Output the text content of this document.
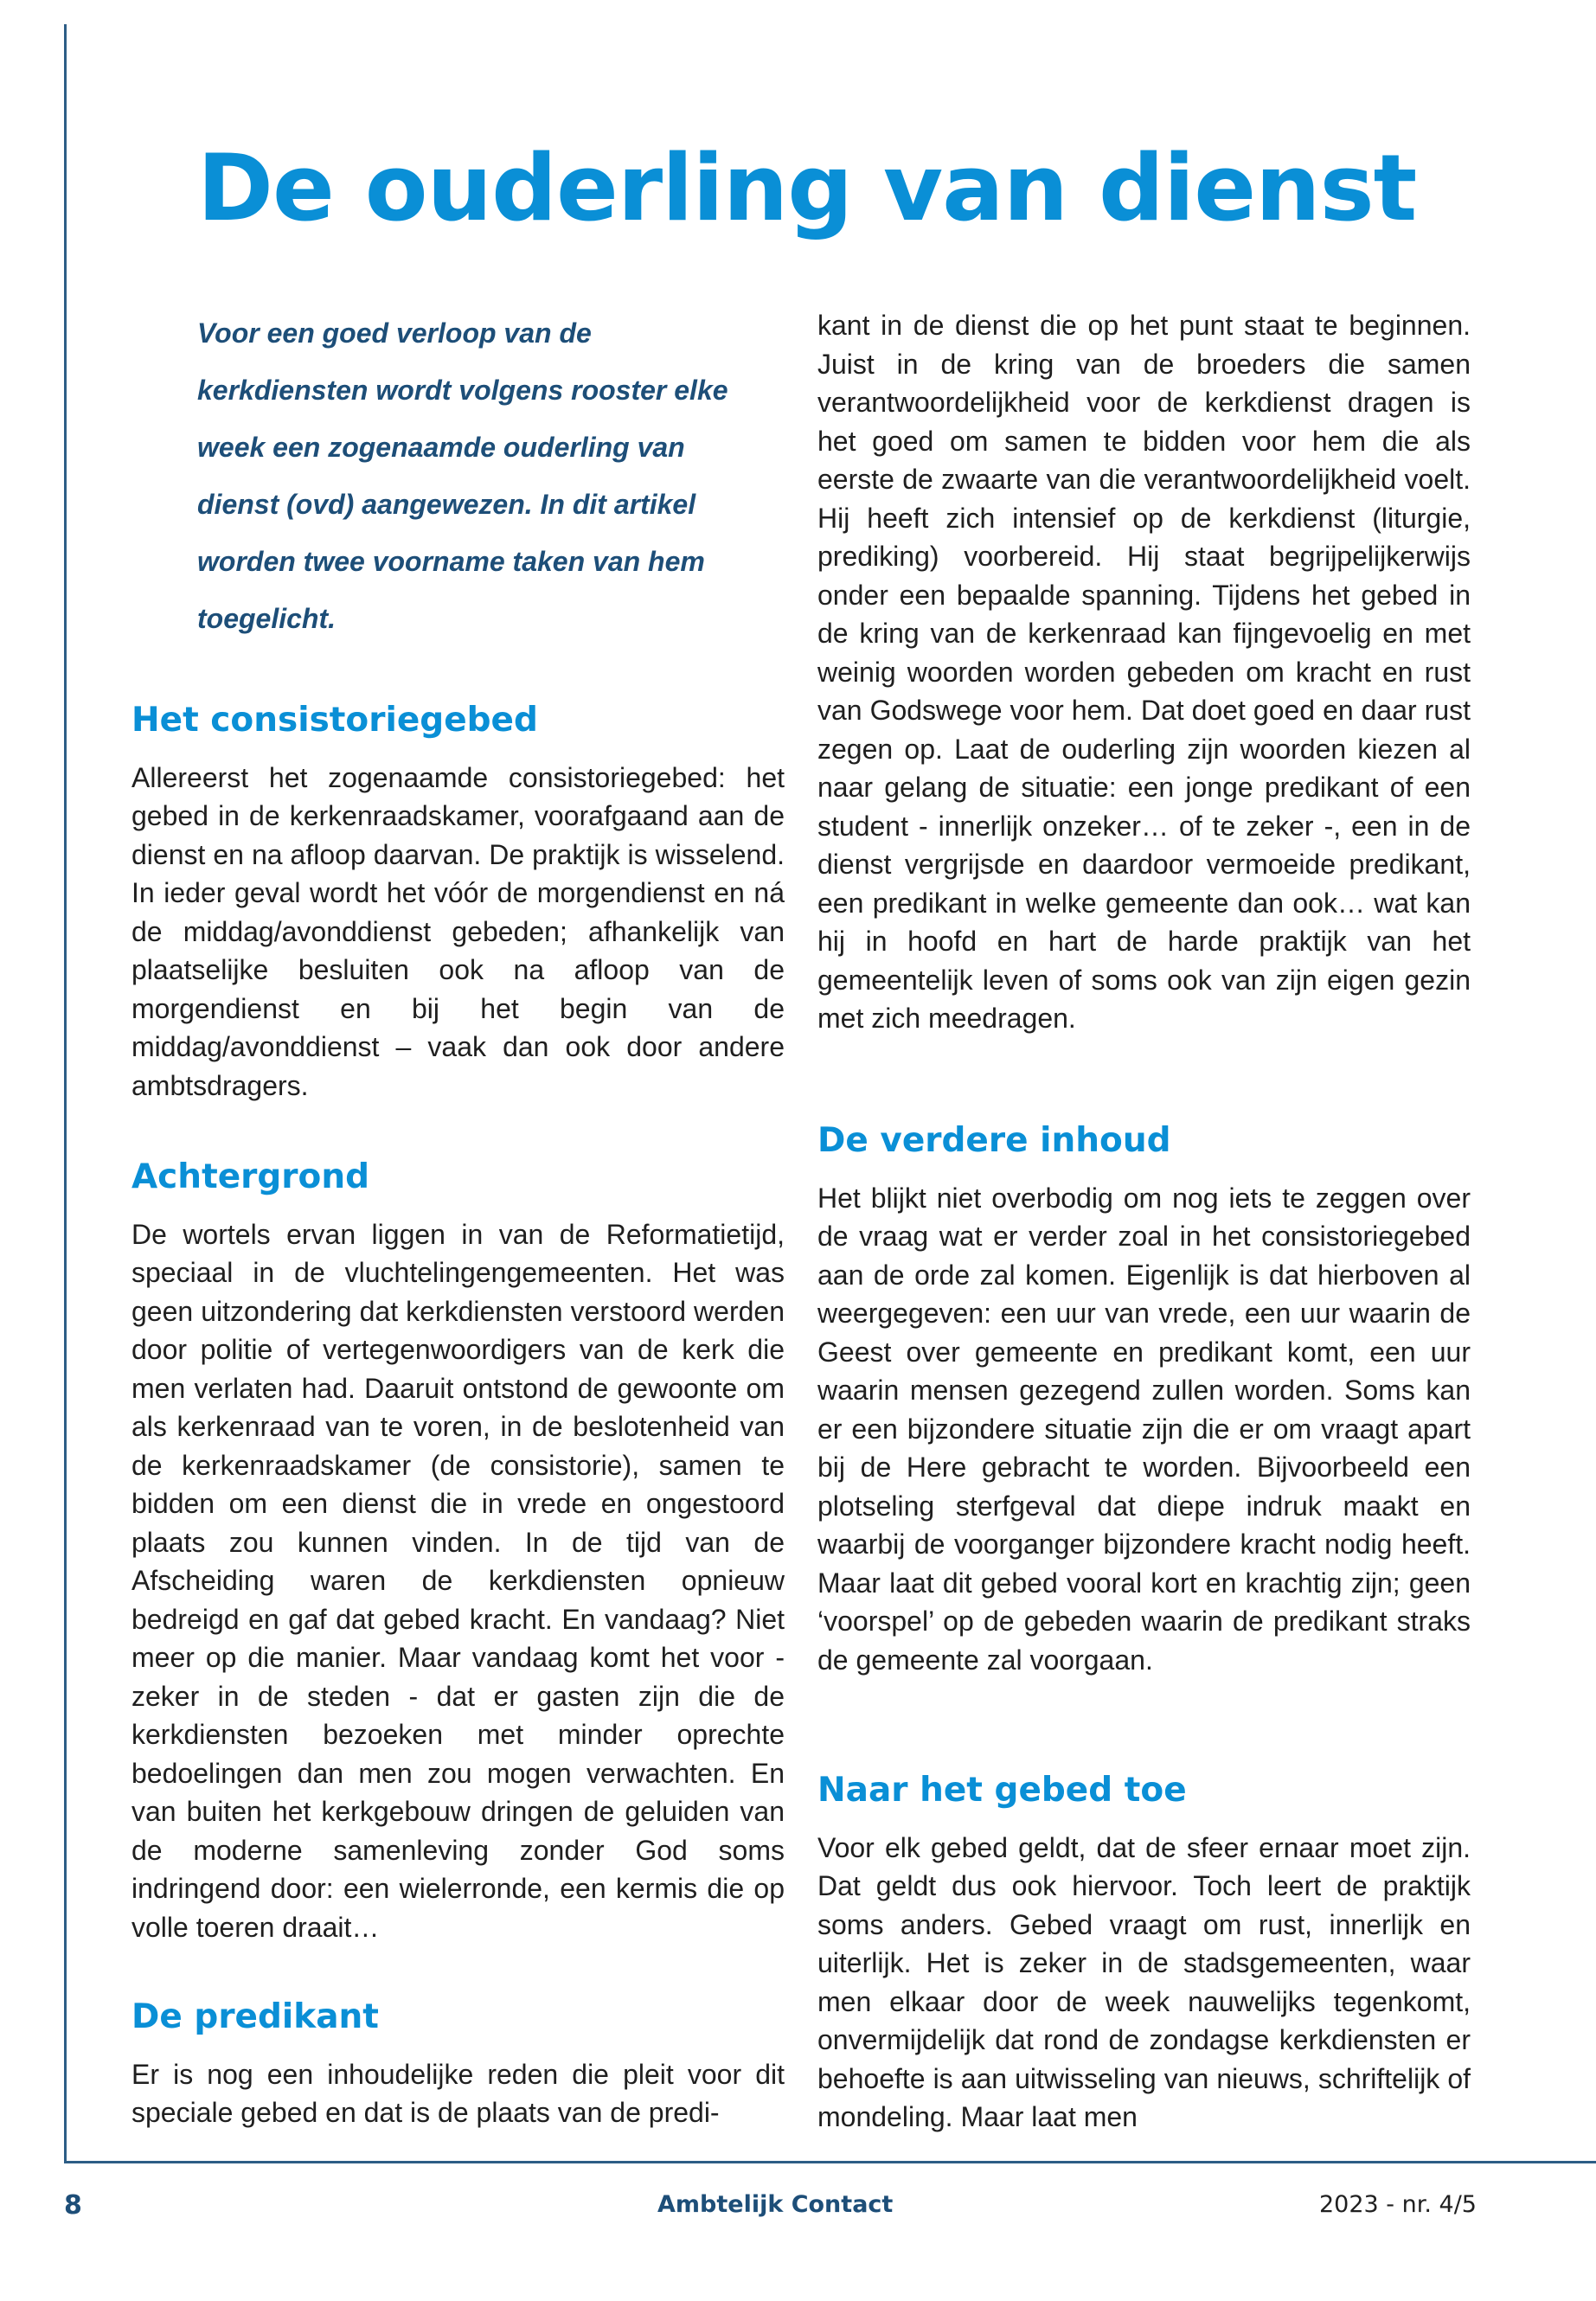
De ouderling van dienst

Voor een goed verloop van de kerkdiensten wordt volgens rooster elke week een zogenaamde ouderling van dienst (ovd) aangewezen. In dit artikel worden twee voorname taken van hem toegelicht.

Het consistoriegebed

Allereerst het zogenaamde consistoriegebed: het gebed in de kerkenraadskamer, voorafgaand aan de dienst en na afloop daarvan. De praktijk is wisselend. In ieder geval wordt het vóór de morgendienst en ná de middag/avonddienst gebeden; afhankelijk van plaatselijke besluiten ook na afloop van de morgendienst en bij het begin van de middag/avonddienst – vaak dan ook door andere ambtsdragers.

Achtergrond

De wortels ervan liggen in van de Reformatietijd, speciaal in de vluchtelingengemeenten. Het was geen uitzondering dat kerkdiensten verstoord werden door politie of vertegenwoordigers van de kerk die men verlaten had. Daaruit ontstond de gewoonte om als kerkenraad van te voren, in de beslotenheid van de kerkenraadskamer (de consistorie), samen te bidden om een dienst die in vrede en ongestoord plaats zou kunnen vinden. In de tijd van de Afscheiding waren de kerkdiensten opnieuw bedreigd en gaf dat gebed kracht. En vandaag? Niet meer op die manier. Maar vandaag komt het voor - zeker in de steden - dat er gasten zijn die de kerkdiensten bezoeken met minder oprechte bedoelingen dan men zou mogen verwachten. En van buiten het kerkgebouw dringen de geluiden van de moderne samenleving zonder God soms indringend door: een wielerronde, een kermis die op volle toeren draait…

De predikant

Er is nog een inhoudelijke reden die pleit voor dit speciale gebed en dat is de plaats van de predi-

kant in de dienst die op het punt staat te beginnen. Juist in de kring van de broeders die samen verantwoordelijkheid voor de kerkdienst dragen is het goed om samen te bidden voor hem die als eerste de zwaarte van die verantwoordelijkheid voelt. Hij heeft zich intensief op de kerkdienst (liturgie, prediking) voorbereid. Hij staat begrijpelijkerwijs onder een bepaalde spanning. Tijdens het gebed in de kring van de kerkenraad kan fijngevoelig en met weinig woorden worden gebeden om kracht en rust van Godswege voor hem. Dat doet goed en daar rust zegen op. Laat de ouderling zijn woorden kiezen al naar gelang de situatie: een jonge predikant of een student - innerlijk onzeker… of te zeker -, een in de dienst vergrijsde en daardoor vermoeide predikant, een predikant in welke gemeente dan ook… wat kan hij in hoofd en hart de harde praktijk van het gemeentelijk leven of soms ook van zijn eigen gezin met zich meedragen.

De verdere inhoud

Het blijkt niet overbodig om nog iets te zeggen over de vraag wat er verder zoal in het consistoriegebed aan de orde zal komen. Eigenlijk is dat hierboven al weergegeven: een uur van vrede, een uur waarin de Geest over gemeente en predikant komt, een uur waarin mensen gezegend zullen worden. Soms kan er een bijzondere situatie zijn die er om vraagt apart bij de Here gebracht te worden. Bijvoorbeeld een plotseling sterfgeval dat diepe indruk maakt en waarbij de voorganger bijzondere kracht nodig heeft. Maar laat dit gebed vooral kort en krachtig zijn; geen ‘voorspel’ op de gebeden waarin de predikant straks de gemeente zal voorgaan.

Naar het gebed toe

Voor elk gebed geldt, dat de sfeer ernaar moet zijn. Dat geldt dus ook hiervoor. Toch leert de praktijk soms anders. Gebed vraagt om rust, innerlijk en uiterlijk. Het is zeker in de stadsgemeenten, waar men elkaar door de week nauwelijks tegenkomt, onvermijdelijk dat rond de zondagse kerkdiensten er behoefte is aan uitwisseling van nieuws, schriftelijk of mondeling. Maar laat men

8	Ambtelijk Contact	2023 - nr. 4/5
